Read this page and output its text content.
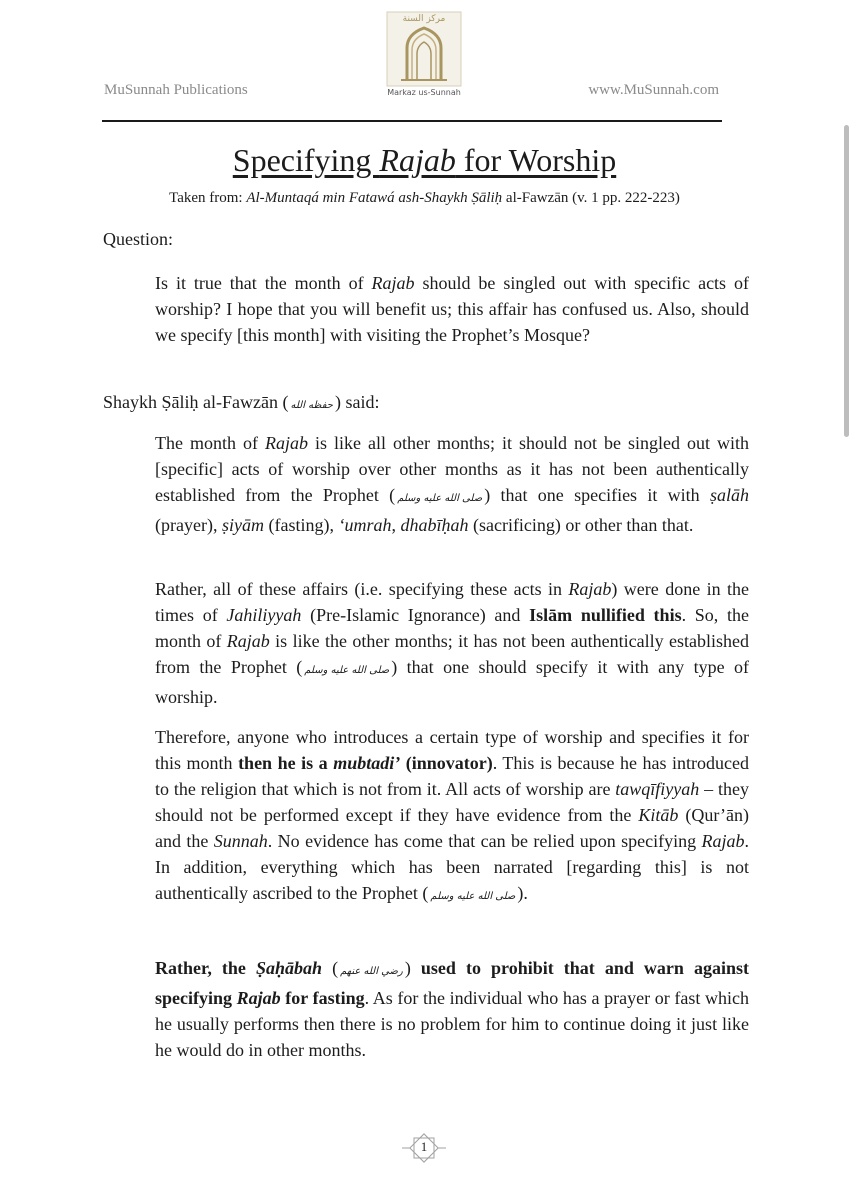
مركز السنة
Markaz us-Sunnah
MuSunnah Publications	www.MuSunnah.com
Specifying Rajab for Worship
Taken from: Al-Muntaqá min Fatawá ash-Shaykh Ṣāliḥ al-Fawzān (v. 1 pp. 222-223)
Question:

Is it true that the month of Rajab should be singled out with specific acts of worship? I hope that you will benefit us; this affair has confused us. Also, should we specify [this month] with visiting the Prophet’s Mosque?

Shaykh Ṣāliḥ al-Fawzān ( حفظه الله ) said:

The month of Rajab is like all other months; it should not be singled out with [specific] acts of worship over other months as it has not been authentically established from the Prophet ( صلى الله عليه وسلم ) that one specifies it with ṣalāh (prayer), ṣiyām (fasting), ‘umrah, dhabīḥah (sacrificing) or other than that.

Rather, all of these affairs (i.e. specifying these acts in Rajab) were done in the times of Jahiliyyah (Pre-Islamic Ignorance) and Islām nullified this. So, the month of Rajab is like the other months; it has not been authentically established from the Prophet ( صلى الله عليه وسلم ) that one should specify it with any type of worship.

Therefore, anyone who introduces a certain type of worship and specifies it for this month then he is a mubtadi’ (innovator). This is because he has introduced to the religion that which is not from it. All acts of worship are tawqīfiyyah – they should not be performed except if they have evidence from the Kitāb (Qur’ān) and the Sunnah. No evidence has come that can be relied upon specifying Rajab. In addition, everything which has been narrated [regarding this] is not authentically ascribed to the Prophet ( صلى الله عليه وسلم ).

Rather, the Ṣaḥābah ( رضي الله عنهم ) used to prohibit that and warn against specifying Rajab for fasting. As for the individual who has a prayer or fast which he usually performs then there is no problem for him to continue doing it just like he would do in other months.

1
